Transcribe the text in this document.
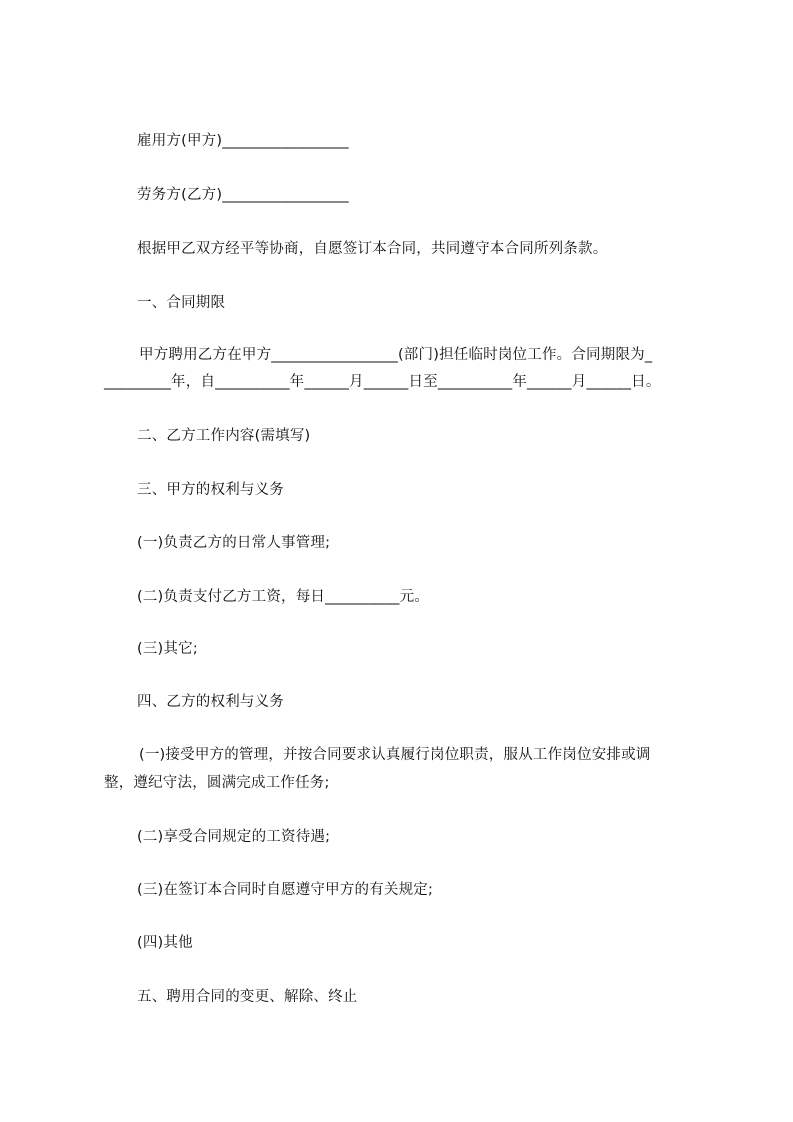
雇用方(甲方)_________________
劳务方(乙方)_________________
根据甲乙双方经平等协商，自愿签订本合同，共同遵守本合同所列条款。
一、合同期限
甲方聘用乙方在甲方_________________(部门)担任临时岗位工作。合同期限为_
_________年，自__________年______月______日至__________年______月______日。
二、乙方工作内容(需填写)
三、甲方的权利与义务
(一)负责乙方的日常人事管理;
(二)负责支付乙方工资，每日__________元。
(三)其它;
四、乙方的权利与义务
(一)接受甲方的管理，并按合同要求认真履行岗位职责，服从工作岗位安排或调
整，遵纪守法，圆满完成工作任务;
(二)享受合同规定的工资待遇;
(三)在签订本合同时自愿遵守甲方的有关规定;
(四)其他
五、聘用合同的变更、解除、终止
